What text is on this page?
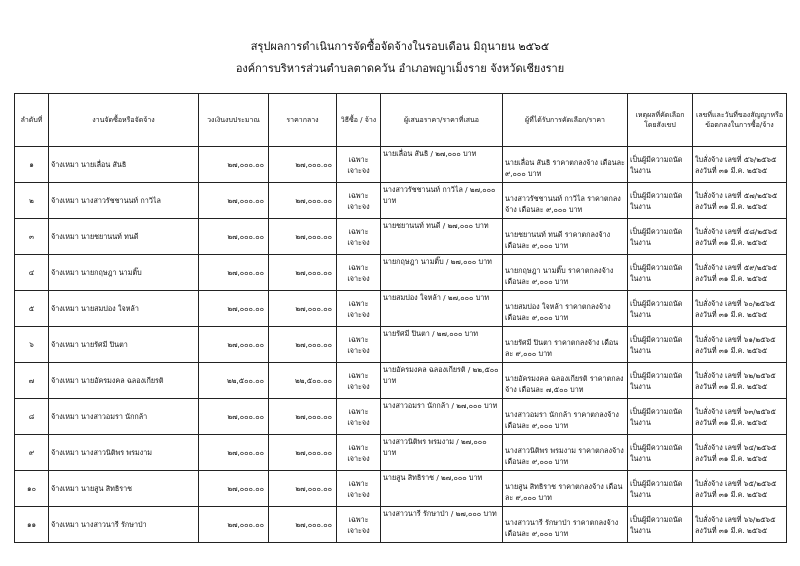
สรุปผลการดำเนินการจัดซื้อจัดจ้างในรอบเดือน มิถุนายน ๒๕๖๕
องค์การบริหารส่วนตำบลตาดควัน อำเภอพญาเม็งราย จังหวัดเชียงราย
ลำดับที่	งานจัดซื้อหรือจัดจ้าง	วงเงินงบประมาณ	ราคากลาง	วิธีซื้อ / จ้าง	ผู้เสนอราคา/ราคาที่เสนอ	ผู้ที่ได้รับการคัดเลือก/ราคา	เหตุผลที่คัดเลือกโดยสังเขป	เลขที่และวันที่ของสัญญาหรือข้อตกลงในการซื้อ/จ้าง
๑	จ้างเหมา นายเลื่อน สันธิ	๒๗,๐๐๐.๐๐	๒๗,๐๐๐.๐๐	เฉพาะเจาะจง	นายเลื่อน สันธิ / ๒๗,๐๐๐ บาท	นายเลื่อน สันธิ ราคาตกลงจ้าง เดือนละ ๙,๐๐๐ บาท	เป็นผู้มีความถนัดในงาน	ใบสั่งจ้าง เลขที่ ๕๖/๒๕๖๕ ลงวันที่ ๓๑ มี.ค. ๒๕๖๕
๒	จ้างเหมา นางสาวรัชชานนท์ กาวิไล	๒๗,๐๐๐.๐๐	๒๗,๐๐๐.๐๐	เฉพาะเจาะจง	นางสาวรัชชานนท์ กาวิไล / ๒๗,๐๐๐ บาท	นางสาวรัชชานนท์ กาวิไล ราคาตกลงจ้าง เดือนละ ๙,๐๐๐ บาท	เป็นผู้มีความถนัดในงาน	ใบสั่งจ้าง เลขที่ ๕๗/๒๕๖๕ ลงวันที่ ๓๑ มี.ค. ๒๕๖๕
๓	จ้างเหมา นายชยานนท์ ทนดี	๒๗,๐๐๐.๐๐	๒๗,๐๐๐.๐๐	เฉพาะเจาะจง	นายชยานนท์ ทนดี / ๒๗,๐๐๐ บาท	นายชยานนท์ ทนดี ราคาตกลงจ้าง เดือนละ ๙,๐๐๐ บาท	เป็นผู้มีความถนัดในงาน	ใบสั่งจ้าง เลขที่ ๕๘/๒๕๖๕ ลงวันที่ ๓๑ มี.ค. ๒๕๖๕
๔	จ้างเหมา นายกฤษฎา นามติ๊บ	๒๗,๐๐๐.๐๐	๒๗,๐๐๐.๐๐	เฉพาะเจาะจง	นายกฤษฎา นามติ๊บ / ๒๗,๐๐๐ บาท	นายกฤษฎา นามติ๊บ ราคาตกลงจ้าง เดือนละ ๙,๐๐๐ บาท	เป็นผู้มีความถนัดในงาน	ใบสั่งจ้าง เลขที่ ๕๙/๒๕๖๕ ลงวันที่ ๓๑ มี.ค. ๒๕๖๕
๕	จ้างเหมา นายสมปอง ใจหล้า	๒๗,๐๐๐.๐๐	๒๗,๐๐๐.๐๐	เฉพาะเจาะจง	นายสมปอง ใจหล้า / ๒๗,๐๐๐ บาท	นายสมปอง ใจหล้า ราคาตกลงจ้าง เดือนละ ๙,๐๐๐ บาท	เป็นผู้มีความถนัดในงาน	ใบสั่งจ้าง เลขที่ ๖๐/๒๕๖๕ ลงวันที่ ๓๑ มี.ค. ๒๕๖๕
๖	จ้างเหมา นายรัศมี ปินตา	๒๗,๐๐๐.๐๐	๒๗,๐๐๐.๐๐	เฉพาะเจาะจง	นายรัศมี ปินตา / ๒๗,๐๐๐ บาท	นายรัศมี ปินตา ราคาตกลงจ้าง เดือนละ ๙,๐๐๐ บาท	เป็นผู้มีความถนัดในงาน	ใบสั่งจ้าง เลขที่ ๖๑/๒๕๖๕ ลงวันที่ ๓๑ มี.ค. ๒๕๖๕
๗	จ้างเหมา นายอัครมงคล ฉลองเกียรติ	๒๒,๕๐๐.๐๐	๒๒,๕๐๐.๐๐	เฉพาะเจาะจง	นายอัครมงคล ฉลองเกียรติ / ๒๒,๕๐๐ บาท	นายอัครมงคล ฉลองเกียรติ ราคาตกลงจ้าง เดือนละ ๗,๕๐๐ บาท	เป็นผู้มีความถนัดในงาน	ใบสั่งจ้าง เลขที่ ๖๒/๒๕๖๕ ลงวันที่ ๓๑ มี.ค. ๒๕๖๕
๘	จ้างเหมา นางสาวอมรา นักกล้า	๒๗,๐๐๐.๐๐	๒๗,๐๐๐.๐๐	เฉพาะเจาะจง	นางสาวอมรา นักกล้า / ๒๗,๐๐๐ บาท	นางสาวอมรา นักกล้า ราคาตกลงจ้าง เดือนละ ๙,๐๐๐ บาท	เป็นผู้มีความถนัดในงาน	ใบสั่งจ้าง เลขที่ ๖๓/๒๕๖๕ ลงวันที่ ๓๑ มี.ค. ๒๕๖๕
๙	จ้างเหมา นางสาวนิติพร พรมงาม	๒๗,๐๐๐.๐๐	๒๗,๐๐๐.๐๐	เฉพาะเจาะจง	นางสาวนิติพร พรมงาม / ๒๗,๐๐๐ บาท	นางสาวนิติพร พรมงาม ราคาตกลงจ้าง เดือนละ ๙,๐๐๐ บาท	เป็นผู้มีความถนัดในงาน	ใบสั่งจ้าง เลขที่ ๖๔/๒๕๖๕ ลงวันที่ ๓๑ มี.ค. ๒๕๖๕
๑๐	จ้างเหมา นายสูน สิทธิราช	๒๗,๐๐๐.๐๐	๒๗,๐๐๐.๐๐	เฉพาะเจาะจง	นายสูน สิทธิราช / ๒๗,๐๐๐ บาท	นายสูน สิทธิราช ราคาตกลงจ้าง เดือนละ ๙,๐๐๐ บาท	เป็นผู้มีความถนัดในงาน	ใบสั่งจ้าง เลขที่ ๖๕/๒๕๖๕ ลงวันที่ ๓๑ มี.ค. ๒๕๖๕
๑๑	จ้างเหมา นางสาวนารี รักษาป่า	๒๗,๐๐๐.๐๐	๒๗,๐๐๐.๐๐	เฉพาะเจาะจง	นางสาวนารี รักษาป่า / ๒๗,๐๐๐ บาท	นางสาวนารี รักษาป่า ราคาตกลงจ้าง เดือนละ ๙,๐๐๐ บาท	เป็นผู้มีความถนัดในงาน	ใบสั่งจ้าง เลขที่ ๖๖/๒๕๖๕ ลงวันที่ ๓๑ มี.ค. ๒๕๖๕
